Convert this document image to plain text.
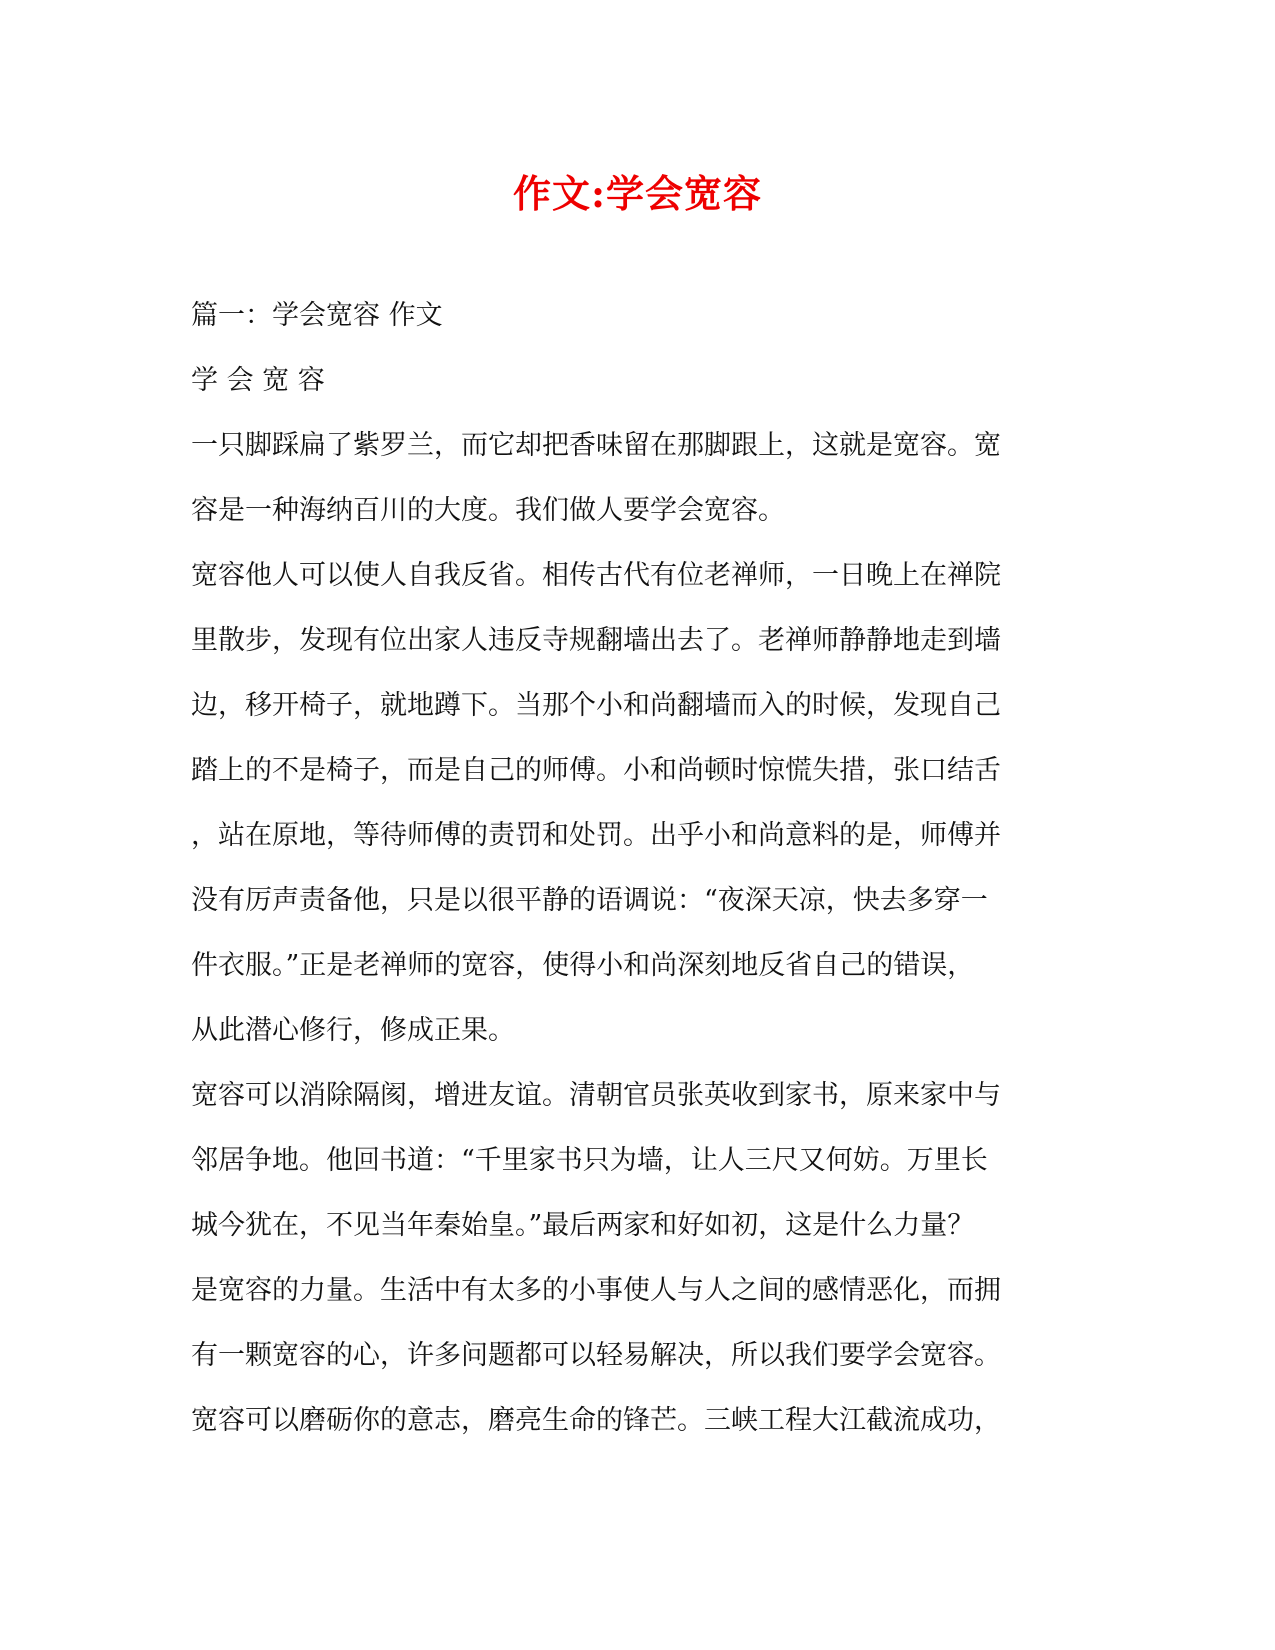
作文:学会宽容

篇一：学会宽容 作文

学 会 宽 容

一只脚踩扁了紫罗兰，而它却把香味留在那脚跟上，这就是宽容。宽

容是一种海纳百川的大度。我们做人要学会宽容。

宽容他人可以使人自我反省。相传古代有位老禅师，一日晚上在禅院

里散步，发现有位出家人违反寺规翻墙出去了。老禅师静静地走到墙

边，移开椅子，就地蹲下。当那个小和尚翻墙而入的时候，发现自己

踏上的不是椅子，而是自己的师傅。小和尚顿时惊慌失措，张口结舌

，站在原地，等待师傅的责罚和处罚。出乎小和尚意料的是，师傅并

没有厉声责备他，只是以很平静的语调说：“夜深天凉，快去多穿一

件衣服。”正是老禅师的宽容，使得小和尚深刻地反省自己的错误，

从此潜心修行，修成正果。

宽容可以消除隔阂，增进友谊。清朝官员张英收到家书，原来家中与

邻居争地。他回书道：“千里家书只为墙，让人三尺又何妨。万里长

城今犹在，不见当年秦始皇。”最后两家和好如初，这是什么力量？

是宽容的力量。生活中有太多的小事使人与人之间的感情恶化，而拥

有一颗宽容的心，许多问题都可以轻易解决，所以我们要学会宽容。

宽容可以磨砺你的意志，磨亮生命的锋芒。三峡工程大江截流成功，
